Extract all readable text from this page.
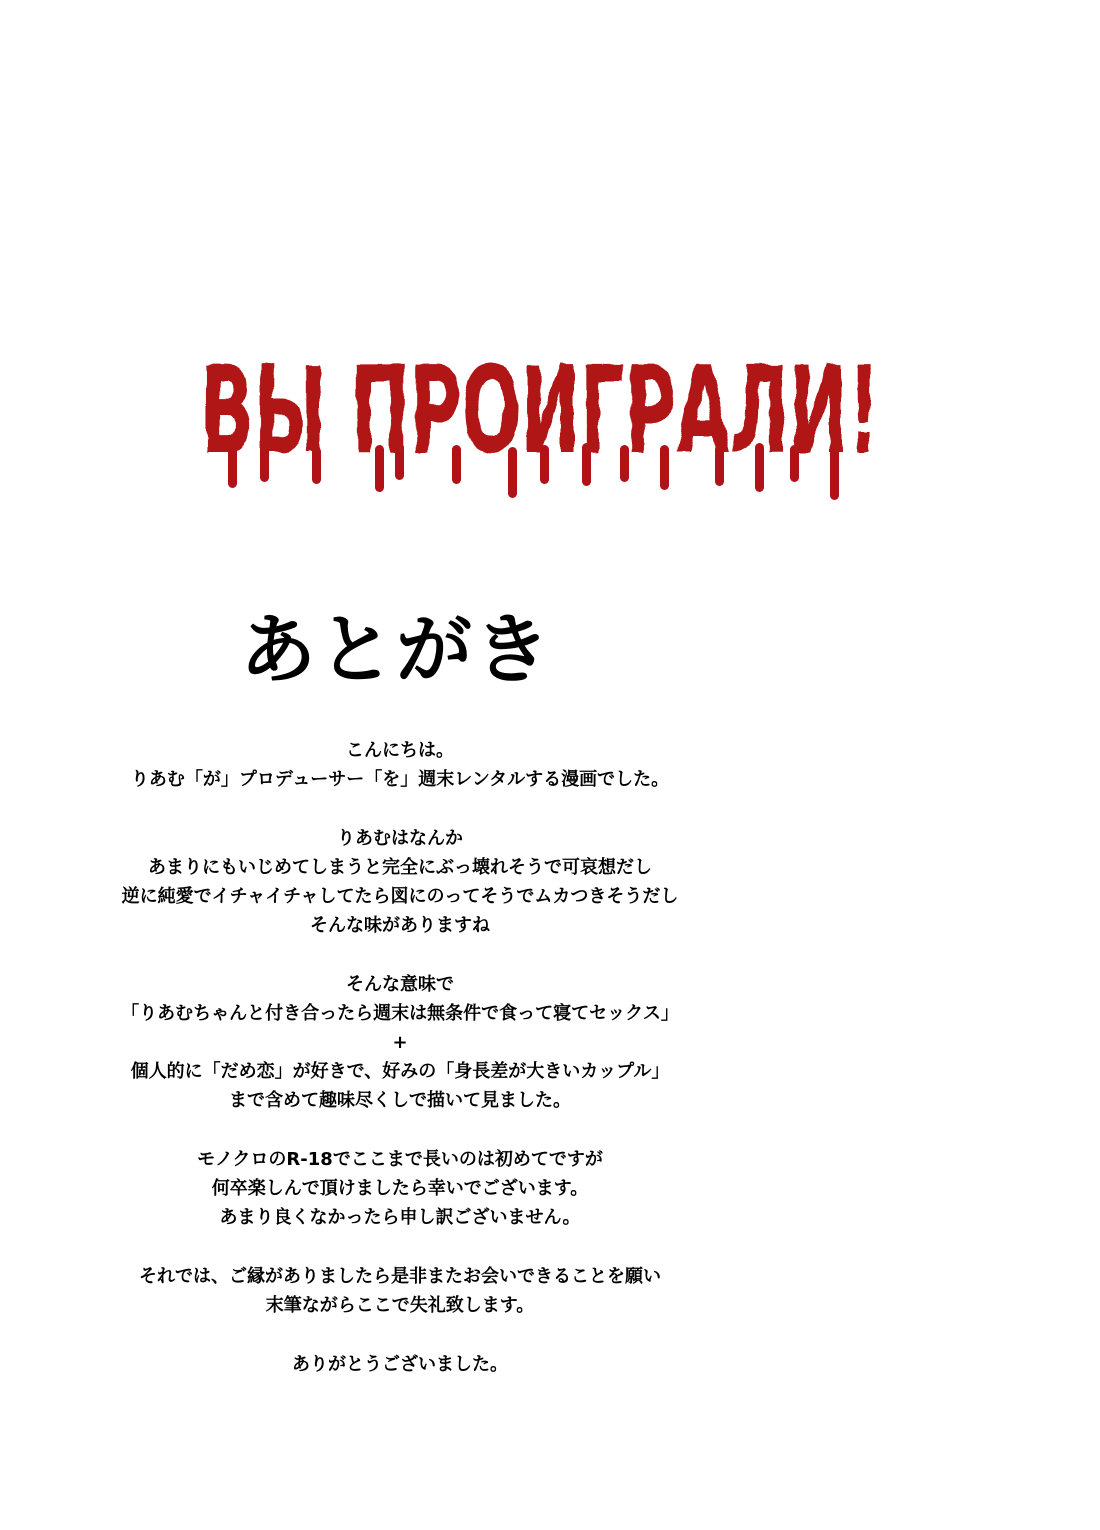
ВЫ ПРОИГРАЛИ!
あとがき
こんにちは。
りあむ「が」プロデューサー「を」週末レンタルする漫画でした。
りあむはなんか
あまりにもいじめてしまうと完全にぶっ壊れそうで可哀想だし
逆に純愛でイチャイチャしてたら図にのってそうでムカつきそうだし
そんな味がありますね
そんな意味で
「りあむちゃんと付き合ったら週末は無条件で食って寝てセックス」
+
個人的に「だめ恋」が好きで、好みの「身長差が大きいカップル」
まで含めて趣味尽くしで描いて見ました。
モノクロのR-18でここまで長いのは初めてですが
何卒楽しんで頂けましたら幸いでございます。
あまり良くなかったら申し訳ございません。
それでは、ご縁がありましたら是非またお会いできることを願い
末筆ながらここで失礼致します。
ありがとうございました。
